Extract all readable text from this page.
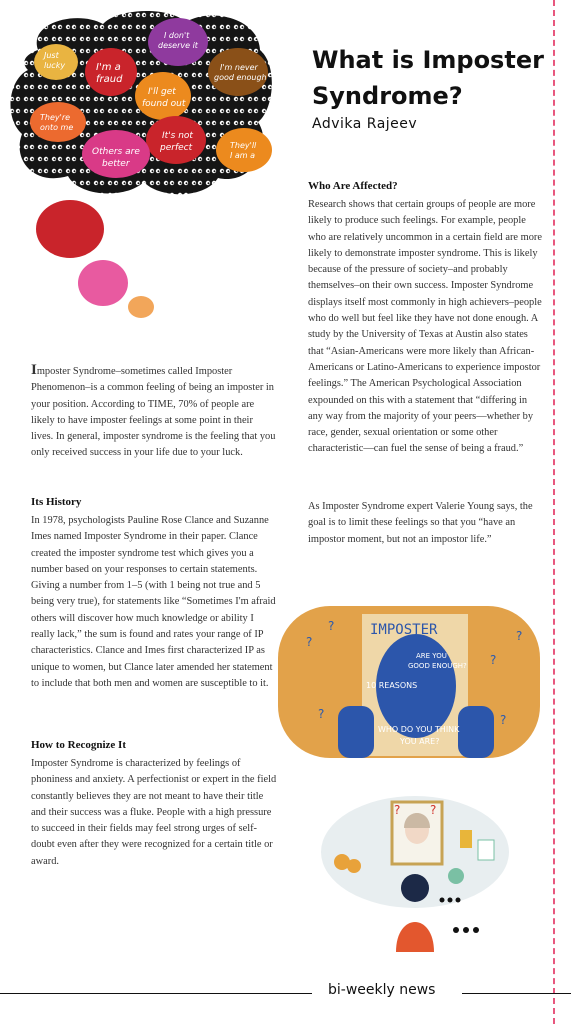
Just
lucky	I'm a
fraud
I don't
deserve it
I'm never
good enough
I'll get
found out
They're
onto me
It's not
perfect
Others are
better
They'll
I am a
What is Imposter Syndrome?
Advika Rajeev

Imposter Syndrome–sometimes called Imposter Phenomenon–is a common feeling of being an imposter in your position. According to TIME, 70% of people are likely to have imposter feelings at some point in their lives. In general, imposter syndrome is the feeling that you only received success in your life due to your luck.

Its History

In 1978, psychologists Pauline Rose Clance and Suzanne Imes named Imposter Syndrome in their paper. Clance created the imposter syndrome test which gives you a number based on your responses to certain statements. Giving a number from 1–5 (with 1 being not true and 5 being very true), for statements like “Sometimes I'm afraid others will discover how much knowledge or ability I really lack,” the sum is found and rates your range of IP characteristics. Clance and Imes first characterized IP as unique to women, but Clance later amended her statement to include that both men and women are susceptible to it.

How to Recognize It

Imposter Syndrome is characterized by feelings of phoniness and anxiety. A perfectionist or expert in the field constantly believes they are not meant to have their title and their success was a fluke. People with a high pressure to succeed in their fields may feel strong urges of self-doubt even after they were recognized for a certain title or award.

Who Are Affected?

Research shows that certain groups of people are more likely to produce such feelings. For example, people who are relatively uncommon in a certain field are more likely to demonstrate imposter syndrome. This is likely because of the pressure of society–and probably themselves–on their own success. Imposter Syndrome displays itself most commonly in high achievers–people who do well but feel like they have not done enough. A study by the University of Texas at Austin also states that “Asian-Americans were more likely than African-Americans or Latino-Americans to experience impostor feelings.” The American Psychological Association expounded on this with a statement that “differing in any way from the majority of your peers—whether by race, gender, sexual orientation or some other characteristic—can fuel the sense of being a fraud.”

As Imposter Syndrome expert Valerie Young says, the goal is to limit these feelings so that you “have an impostor moment, but not an impostor life.”

?
?	?
?
?
?
IMPOSTER
ARE YOU
GOOD ENOUGH?
10 REASONS
WHO DO YOU THINK
YOU ARE?
? ?
bi-weekly news
